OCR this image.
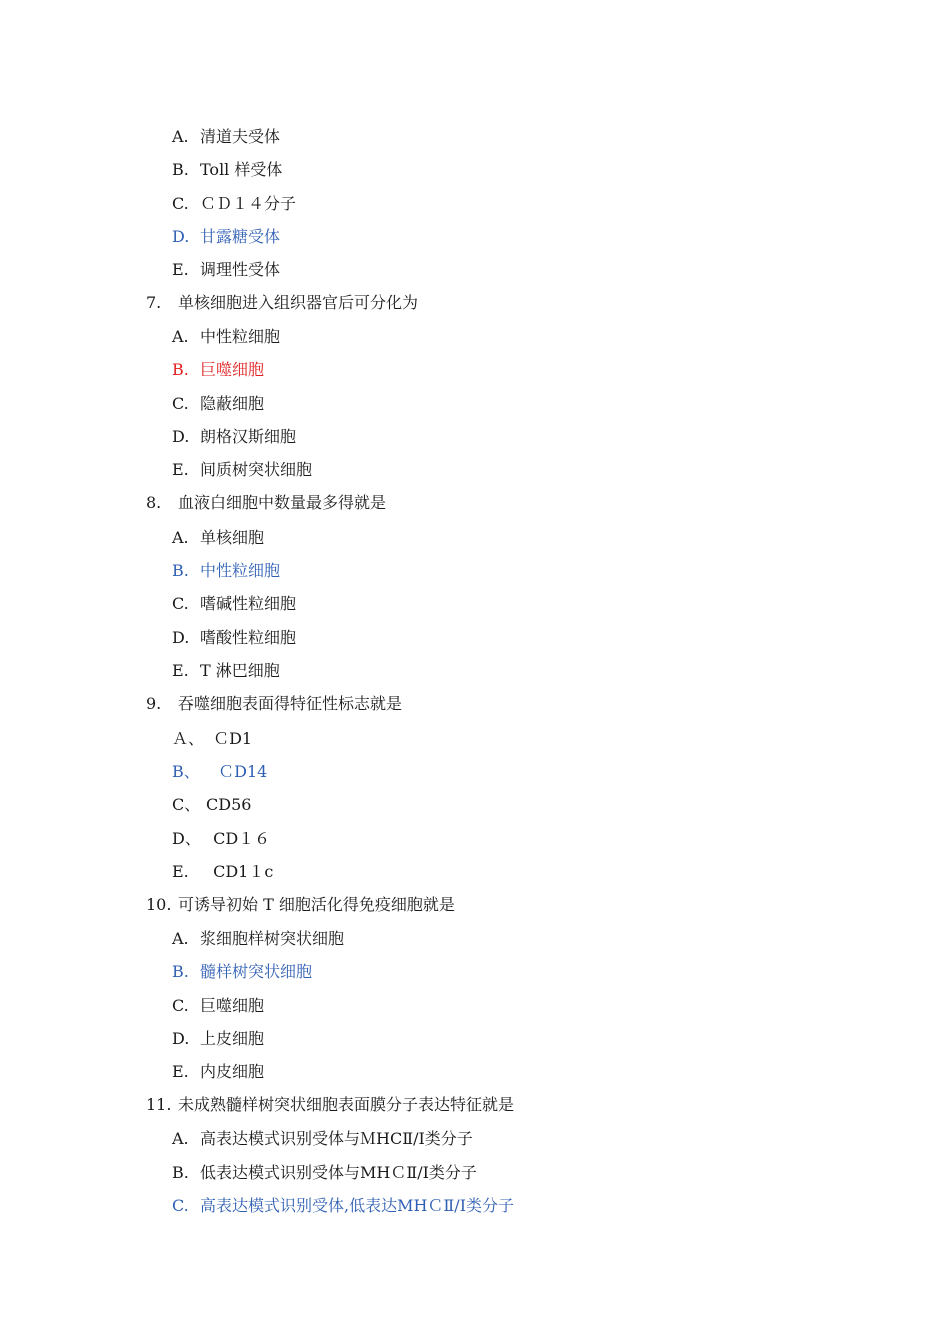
A. 清道夫受体
B. Toll 样受体
C. ＣＤ１４分子
D. 甘露糖受体
E. 调理性受体
7. 单核细胞进入组织器官后可分化为
A. 中性粒细胞
B. 巨噬细胞
C. 隐蔽细胞
D. 朗格汉斯细胞
E. 间质树突状细胞
8. 血液白细胞中数量最多得就是
A. 单核细胞
B. 中性粒细胞
C. 嗜碱性粒细胞
D. 嗜酸性粒细胞
E. T 淋巴细胞
9. 吞噬细胞表面得特征性标志就是
Ａ、 ＣD1
B、  ＣD14
C、 CD56
D、 CD１６
E. CD1１c
10. 可诱导初始 T 细胞活化得免疫细胞就是
A. 浆细胞样树突状细胞
B. 髓样树突状细胞
C. 巨噬细胞
D. 上皮细胞
E. 内皮细胞
11. 未成熟髓样树突状细胞表面膜分子表达特征就是
A. 高表达模式识别受体与ＭHCⅡ/Ⅰ类分子
B. 低表达模式识别受体与MHＣⅡ/Ⅰ类分子
C. 高表达模式识别受体,低表达MHＣⅡ/Ⅰ类分子
